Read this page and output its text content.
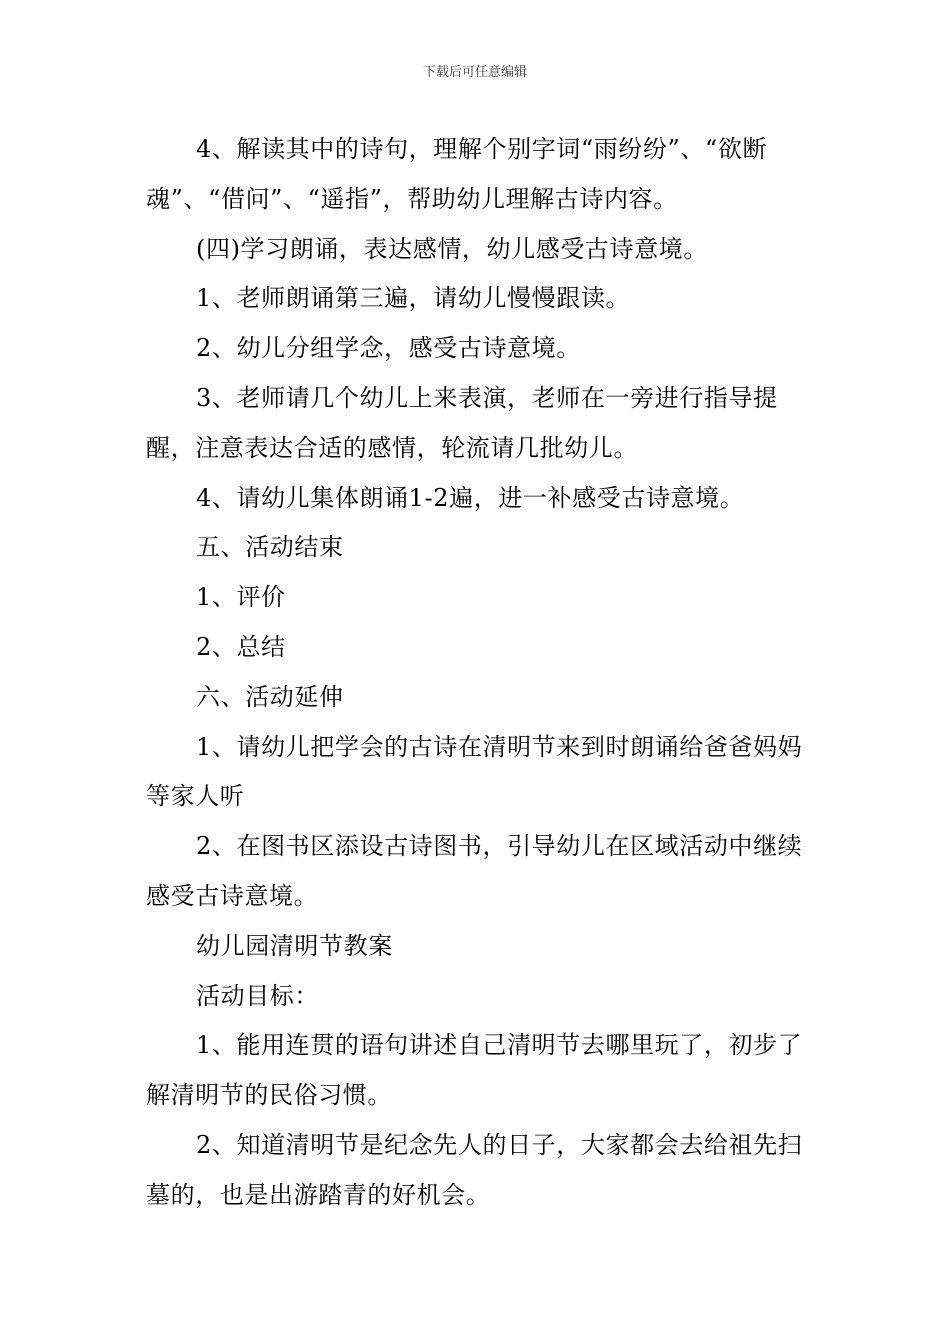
下载后可任意编辑

4、解读其中的诗句，理解个别字词“雨纷纷”、“欲断魂”、“借问”、“遥指”，帮助幼儿理解古诗内容。

(四)学习朗诵，表达感情，幼儿感受古诗意境。

1、老师朗诵第三遍，请幼儿慢慢跟读。

2、幼儿分组学念，感受古诗意境。

3、老师请几个幼儿上来表演，老师在一旁进行指导提醒，注意表达合适的感情，轮流请几批幼儿。

4、请幼儿集体朗诵1-2遍，进一补感受古诗意境。

五、活动结束

1、评价

2、总结

六、活动延伸

1、请幼儿把学会的古诗在清明节来到时朗诵给爸爸妈妈等家人听

2、在图书区添设古诗图书，引导幼儿在区域活动中继续感受古诗意境。

幼儿园清明节教案

活动目标：

1、能用连贯的语句讲述自己清明节去哪里玩了，初步了解清明节的民俗习惯。

2、知道清明节是纪念先人的日子，大家都会去给祖先扫墓的，也是出游踏青的好机会。
